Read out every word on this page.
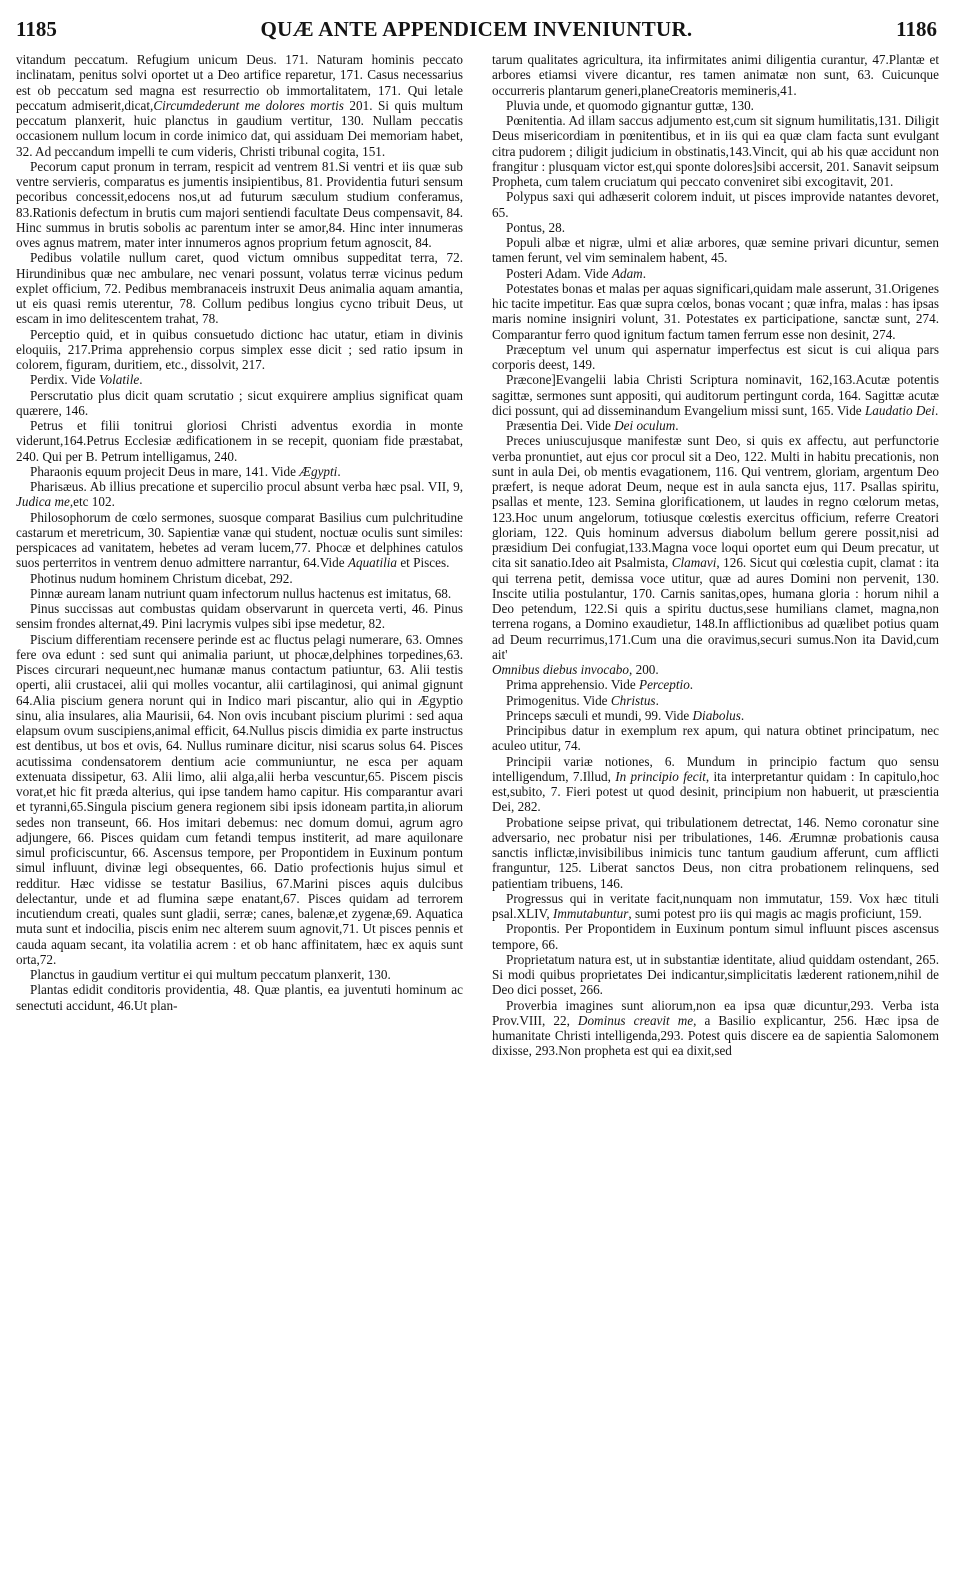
1185	QUÆ ANTE APPENDICEM INVENIUNTUR.	1186

vitandum peccatum. Refugium unicum Deus. 171. Naturam hominis peccato inclinatam, penitus solvi oportet ut a Deo artifice reparetur, 171. Casus necessarius est ob peccatum sed magna est resurrectio ob immortalitatem, 171. Qui letale peccatum admiserit,dicat,Circumdederunt me dolores mortis 201. Si quis multum peccatum planxerit, huic planctus in gaudium vertitur, 130. Nullam peccatis occasionem nullum locum in corde inimico dat, qui assiduam Dei memoriam habet, 32. Ad peccandum impelli te cum videris, Christi tribunal cogita, 151.

Pecorum caput pronum in terram, respicit ad ventrem 81.Si ventri et iis quæ sub ventre servieris, comparatus es jumentis insipientibus, 81. Providentia futuri sensum pecoribus concessit,edocens nos,ut ad futurum sæculum studium conferamus, 83.Rationis defectum in brutis cum majori sentiendi facultate Deus compensavit, 84. Hinc summus in brutis sobolis ac parentum inter se amor,84. Hinc inter innumeras oves agnus matrem, mater inter innumeros agnos proprium fetum agnoscit, 84.

Pedibus volatile nullum caret, quod victum omnibus suppeditat terra, 72. Hirundinibus quæ nec ambulare, nec venari possunt, volatus terræ vicinus pedum explet officium, 72. Pedibus membranaceis instruxit Deus animalia aquam amantia, ut eis quasi remis uterentur, 78. Collum pedibus longius cycno tribuit Deus, ut escam in imo delitescentem trahat, 78.

Perceptio quid, et in quibus consuetudo dictionc hac utatur, etiam in divinis eloquiis, 217.Prima apprehensio corpus simplex esse dicit ; sed ratio ipsum in colorem, figuram, duritiem, etc., dissolvit, 217.

Perdix. Vide Volatile.

Perscrutatio plus dicit quam scrutatio ; sicut exquirere amplius significat quam quærere, 146.

Petrus et filii tonitrui gloriosi Christi adventus exordia in monte viderunt,164.Petrus Ecclesiæ ædificationem in se recepit, quoniam fide præstabat, 240. Qui per B. Petrum intelligamus, 240.

Pharaonis equum projecit Deus in mare, 141. Vide Ægypti.

Pharisæus. Ab illius precatione et supercilio procul absunt verba hæc psal. VII, 9, Judica me,etc 102.

Philosophorum de cœlo sermones, suosque comparat Basilius cum pulchritudine castarum et meretricum, 30. Sapientiæ vanæ qui student, noctuæ oculis sunt similes: perspicaces ad vanitatem, hebetes ad veram lucem,77. Phocæ et delphines catulos suos perterritos in ventrem denuo admittere narrantur, 64.Vide Aquatilia et Pisces.

Photinus nudum hominem Christum dicebat, 292.

Pinnæ auream lanam nutriunt quam infectorum nullus hactenus est imitatus, 68.

Pinus succissas aut combustas quidam observarunt in querceta verti, 46. Pinus sensim frondes alternat,49. Pini lacrymis vulpes sibi ipse medetur, 82.

Piscium differentiam recensere perinde est ac fluctus pelagi numerare, 63. Omnes fere ova edunt : sed sunt qui animalia pariunt, ut phocæ,delphines torpedines,63. Pisces circurari nequeunt,nec humanæ manus contactum patiuntur, 63. Alii testis operti, alii crustacei, alii qui molles vocantur, alii cartilaginosi, qui animal gignunt 64.Alia piscium genera norunt qui in Indico mari piscantur, alio qui in Ægyptio sinu, alia insulares, alia Maurisii, 64. Non ovis incubant piscium plurimi : sed aqua elapsum ovum suscipiens,animal efficit, 64.Nullus piscis dimidia ex parte instructus est dentibus, ut bos et ovis, 64. Nullus ruminare dicitur, nisi scarus solus 64. Pisces acutissima condensatorem dentium acie communiuntur, ne esca per aquam extenuata dissipetur, 63. Alii limo, alii alga,alii herba vescuntur,65. Piscem piscis vorat,et hic fit præda alterius, qui ipse tandem hamo capitur. His comparantur avari et tyranni,65.Singula piscium genera regionem sibi ipsis idoneam partita,in aliorum sedes non transeunt, 66. Hos imitari debemus: nec domum domui, agrum agro adjungere, 66. Pisces quidam cum fetandi tempus institerit, ad mare aquilonare simul proficiscuntur, 66. Ascensus tempore, per Propontidem in Euxinum pontum simul influunt, divinæ legi obsequentes, 66. Datio profectionis hujus simul et redditur. Hæc vidisse se testatur Basilius, 67.Marini pisces aquis dulcibus delectantur, unde et ad flumina sæpe enatant,67. Pisces quidam ad terrorem incutiendum creati, quales sunt gladii, serræ; canes, balenæ,et zygenæ,69. Aquatica muta sunt et indocilia, piscis enim nec alterem suum agnovit,71. Ut pisces pennis et cauda aquam secant, ita volatilia acrem : et ob hanc affinitatem, hæc ex aquis sunt orta,72.

Planctus in gaudium vertitur ei qui multum peccatum planxerit, 130.

Plantas edidit conditoris providentia, 48. Quæ plantis, ea juventuti hominum ac senectuti accidunt, 46.Ut plan-

tarum qualitates agricultura, ita infirmitates animi diligentia curantur, 47.Plantæ et arbores etiamsi vivere dicantur, res tamen animatæ non sunt, 63. Cuicunque occurreris plantarum generi,planeCreatoris memineris,41.

Pluvia unde, et quomodo gignantur guttæ, 130.

Pœnitentia. Ad illam saccus adjumento est,cum sit signum humilitatis,131. Diligit Deus misericordiam in pœnitentibus, et in iis qui ea quæ clam facta sunt evulgant citra pudorem ; diligit judicium in obstinatis,143.Vincit, qui ab his quæ accidunt non frangitur : plusquam victor est,qui sponte dolores]sibi accersit, 201. Sanavit seipsum Propheta, cum talem cruciatum qui peccato conveniret sibi excogitavit, 201.

Polypus saxi qui adhæserit colorem induit, ut pisces improvide natantes devoret, 65.

Pontus, 28.

Populi albæ et nigræ, ulmi et aliæ arbores, quæ semine privari dicuntur, semen tamen ferunt, vel vim seminalem habent, 45.

Posteri Adam. Vide Adam.

Potestates bonas et malas per aquas significari,quidam male asserunt, 31.Origenes hic tacite impetitur. Eas quæ supra cœlos, bonas vocant ; quæ infra, malas : has ipsas maris nomine insigniri volunt, 31. Potestates ex participatione, sanctæ sunt, 274. Comparantur ferro quod ignitum factum tamen ferrum esse non desinit, 274.

Præceptum vel unum qui aspernatur imperfectus est sicut is cui aliqua pars corporis deest, 149.

Præcone]Evangelii labia Christi Scriptura nominavit, 162,163.Acutæ potentis sagittæ, sermones sunt appositi, qui auditorum pertingunt corda, 164. Sagittæ acutæ dici possunt, qui ad disseminandum Evangelium missi sunt, 165. Vide Laudatio Dei.

Præsentia Dei. Vide Dei oculum.

Preces uniuscujusque manifestæ sunt Deo, si quis ex affectu, aut perfunctorie verba pronuntiet, aut ejus cor procul sit a Deo, 122. Multi in habitu precationis, non sunt in aula Dei, ob mentis evagationem, 116. Qui ventrem, gloriam, argentum Deo præfert, is neque adorat Deum, neque est in aula sancta ejus, 117. Psallas spiritu, psallas et mente, 123. Semina glorificationem, ut laudes in regno cœlorum metas, 123.Hoc unum angelorum, totiusque cœlestis exercitus officium, referre Creatori gloriam, 122. Quis hominum adversus diabolum bellum gerere possit,nisi ad præsidium Dei confugiat,133.Magna voce loqui oportet eum qui Deum precatur, ut cita sit sanatio.Ideo ait Psalmista, Clamavi, 126. Sicut qui cœlestia cupit, clamat : ita qui terrena petit, demissa voce utitur, quæ ad aures Domini non pervenit, 130. Inscite utilia postulantur, 170. Carnis sanitas,opes, humana gloria : horum nihil a Deo petendum, 122.Si quis a spiritu ductus,sese humilians clamet, magna,non terrena rogans, a Domino exaudietur, 148.In afflictionibus ad quælibet potius quam ad Deum recurrimus,171.Cum una die oravimus,securi sumus.Non ita David,cum ait'

Omnibus diebus invocabo, 200.

Prima apprehensio. Vide Perceptio.

Primogenitus. Vide Christus.

Princeps sæculi et mundi, 99. Vide Diabolus.

Principibus datur in exemplum rex apum, qui natura obtinet principatum, nec aculeo utitur, 74.

Principii variæ notiones, 6. Mundum in principio factum quo sensu intelligendum, 7.Illud, In principio fecit, ita interpretantur quidam : In capitulo,hoc est,subito, 7. Fieri potest ut quod desinit, principium non habuerit, ut præscientia Dei, 282.

Probatione seipse privat, qui tribulationem detrectat, 146. Nemo coronatur sine adversario, nec probatur nisi per tribulationes, 146. Ærumnæ probationis causa sanctis inflictæ,invisibilibus inimicis tunc tantum gaudium afferunt, cum afflicti franguntur, 125. Liberat sanctos Deus, non citra probationem relinquens, sed patientiam tribuens, 146.

Progressus qui in veritate facit,nunquam non immutatur, 159. Vox hæc tituli psal.XLIV, Immutabuntur, sumi potest pro iis qui magis ac magis proficiunt, 159.

Propontis. Per Propontidem in Euxinum pontum simul influunt pisces ascensus tempore, 66.

Proprietatum natura est, ut in substantiæ identitate, aliud quiddam ostendant, 265. Si modi quibus proprietates Dei indicantur,simplicitatis læderent rationem,nihil de Deo dici posset, 266.

Proverbia imagines sunt aliorum,non ea ipsa quæ dicuntur,293. Verba ista Prov.VIII, 22, Dominus creavit me, a Basilio explicantur, 256. Hæc ipsa de humanitate Christi intelligenda,293. Potest quis discere ea de sapientia Salomonem dixisse, 293.Non propheta est qui ea dixit,sed
